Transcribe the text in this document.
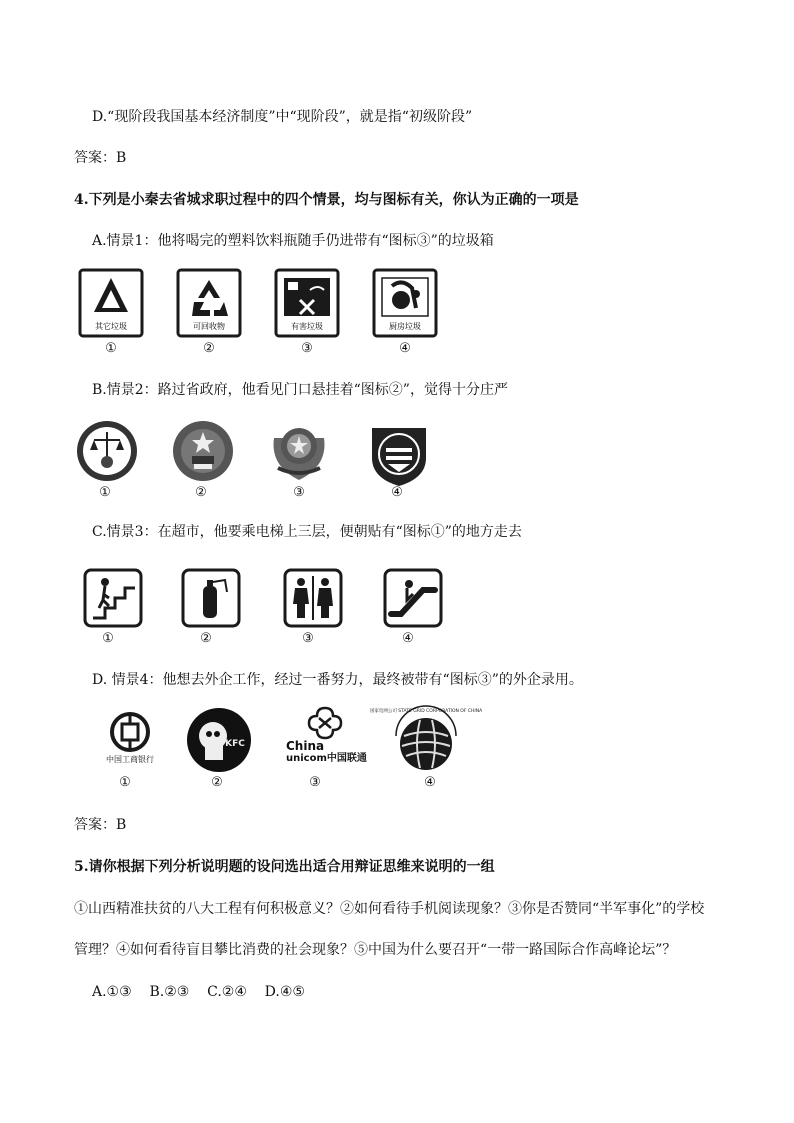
D.“现阶段我国基本经济制度”中“现阶段”，就是指“初级阶段”
答案：B
4.下列是小秦去省城求职过程中的四个情景，均与图标有关，你认为正确的一项是
A.情景1：他将喝完的塑料饮料瓶随手仍进带有“图标③”的垃圾箱
其它垃圾	可回收物	有害垃圾	厨房垃圾
①	②	③	④
B.情景2：路过省政府，他看见门口悬挂着“图标②”，觉得十分庄严
①	②	③	④
C.情景3：在超市，他要乘电梯上三层，便朝贴有“图标①”的地方走去
①	②	③	④
D. 情景4：他想去外企工作，经过一番努力，最终被带有“图标③”的外企录用。
中国工商银行
KFC	China
unicom中国联通
国家电网公司 STATE GRID CORPORATION OF CHINA
①	②	③	④
答案：B
5.请你根据下列分析说明题的设问选出适合用辩证思维来说明的一组
①山西精准扶贫的八大工程有何积极意义？②如何看待手机阅读现象？③你是否赞同“半军事化”的学校
管理？④如何看待盲目攀比消费的社会现象？⑤中国为什么要召开“一带一路国际合作高峰论坛”？
A.①③    B.②③    C.②④    D.④⑤
